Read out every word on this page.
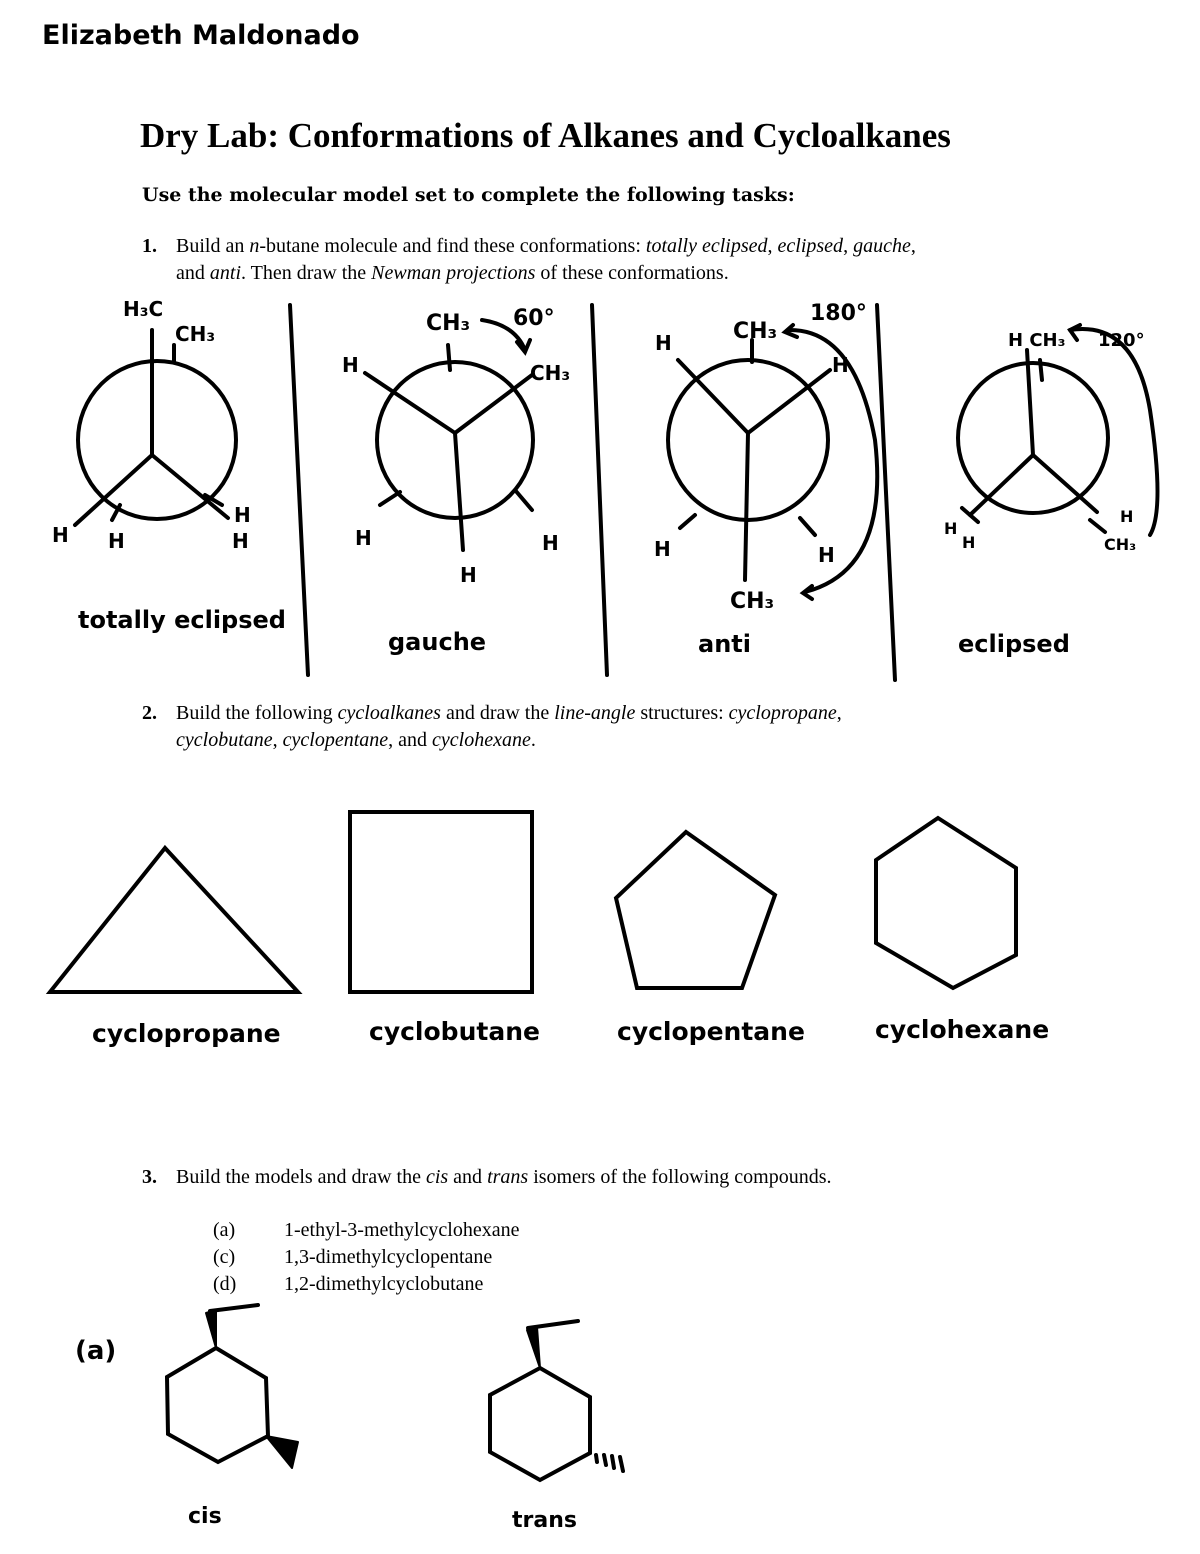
Elizabeth Maldonado
Dry Lab: Conformations of Alkanes and Cycloalkanes
Use the molecular model set to complete the following tasks:
1. Build an n-butane molecule and find these conformations: totally eclipsed, eclipsed, gauche,
and anti. Then draw the Newman projections of these conformations.
H₃C
CH₃
H H
H
H
totally eclipsed
CH₃ 60°
CH₃
H
H	H
H
gauche
CH₃
180°
H
H
H	H
CH₃
anti
H CH₃ 120°
H
H
H
CH₃
eclipsed
2. Build the following cycloalkanes and draw the line-angle structures: cyclopropane,
cyclobutane, cyclopentane, and cyclohexane.
cyclopropane	cyclobutane	cyclopentane	cyclohexane
3. Build the models and draw the cis and trans isomers of the following compounds.
(a) 1-ethyl-3-methylcyclohexane
(c) 1,3-dimethylcyclopentane
(d) 1,2-dimethylcyclobutane
(a)
cis	trans
